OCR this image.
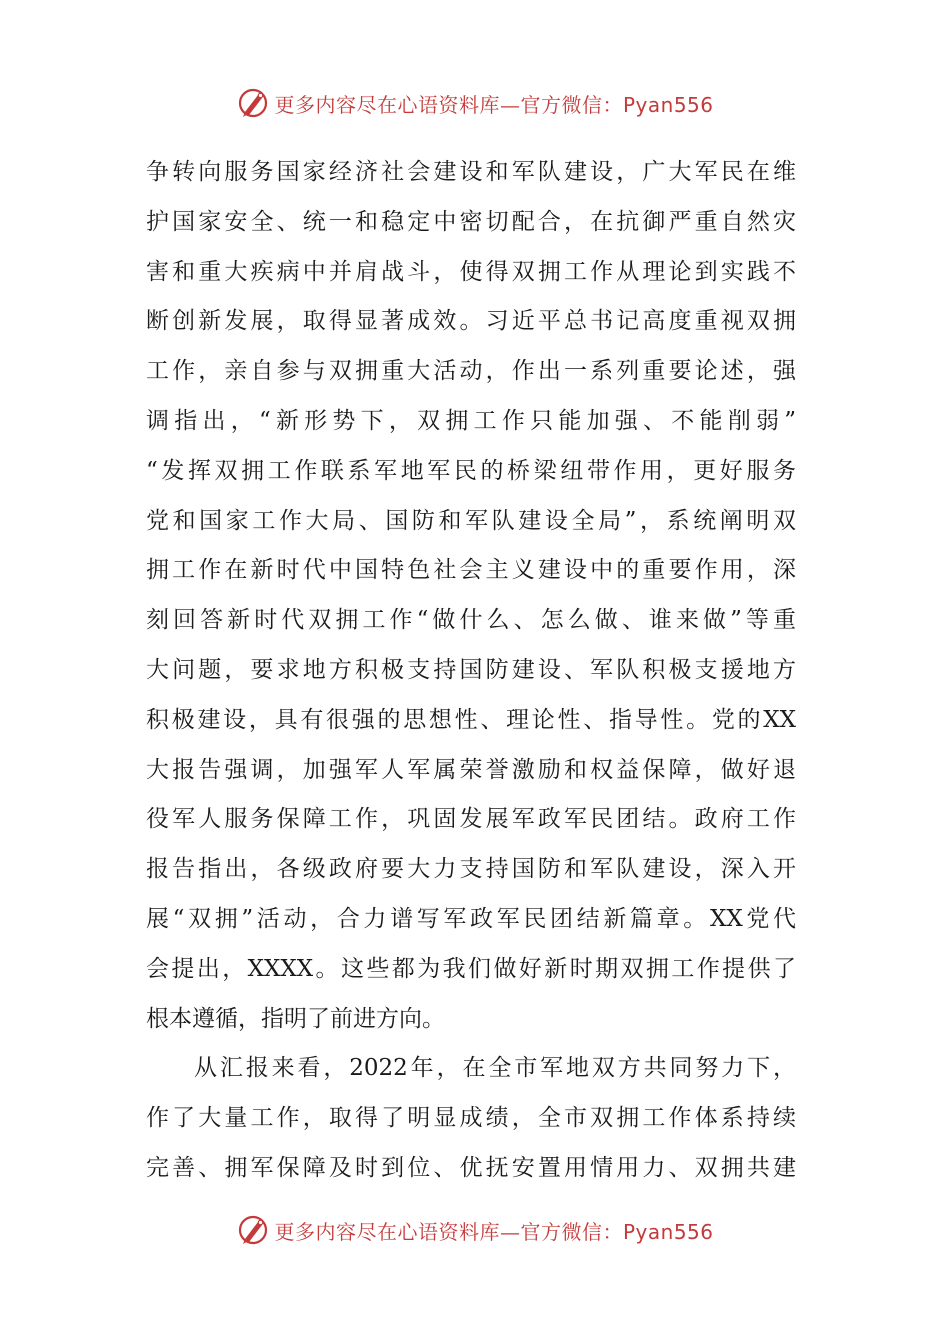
更多内容尽在心语资料库—官方微信：Pyan556
争转向服务国家经济社会建设和军队建设，广大军民在维
护国家安全、统一和稳定中密切配合，在抗御严重自然灾
害和重大疾病中并肩战斗，使得双拥工作从理论到实践不
断创新发展，取得显著成效。习近平总书记高度重视双拥
工作，亲自参与双拥重大活动，作出一系列重要论述，强
调指出，“新形势下，双拥工作只能加强、不能削弱”
“发挥双拥工作联系军地军民的桥梁纽带作用，更好服务
党和国家工作大局、国防和军队建设全局”，系统阐明双
拥工作在新时代中国特色社会主义建设中的重要作用，深
刻回答新时代双拥工作“做什么、怎么做、谁来做”等重
大问题，要求地方积极支持国防建设、军队积极支援地方
积极建设，具有很强的思想性、理论性、指导性。党的XX
大报告强调，加强军人军属荣誉激励和权益保障，做好退
役军人服务保障工作，巩固发展军政军民团结。政府工作
报告指出，各级政府要大力支持国防和军队建设，深入开
展“双拥”活动，合力谱写军政军民团结新篇章。XX党代
会提出，XXXX。这些都为我们做好新时期双拥工作提供了
根本遵循，指明了前进方向。
从汇报来看，2022年，在全市军地双方共同努力下，
作了大量工作，取得了明显成绩，全市双拥工作体系持续
完善、拥军保障及时到位、优抚安置用情用力、双拥共建
更多内容尽在心语资料库—官方微信：Pyan556
